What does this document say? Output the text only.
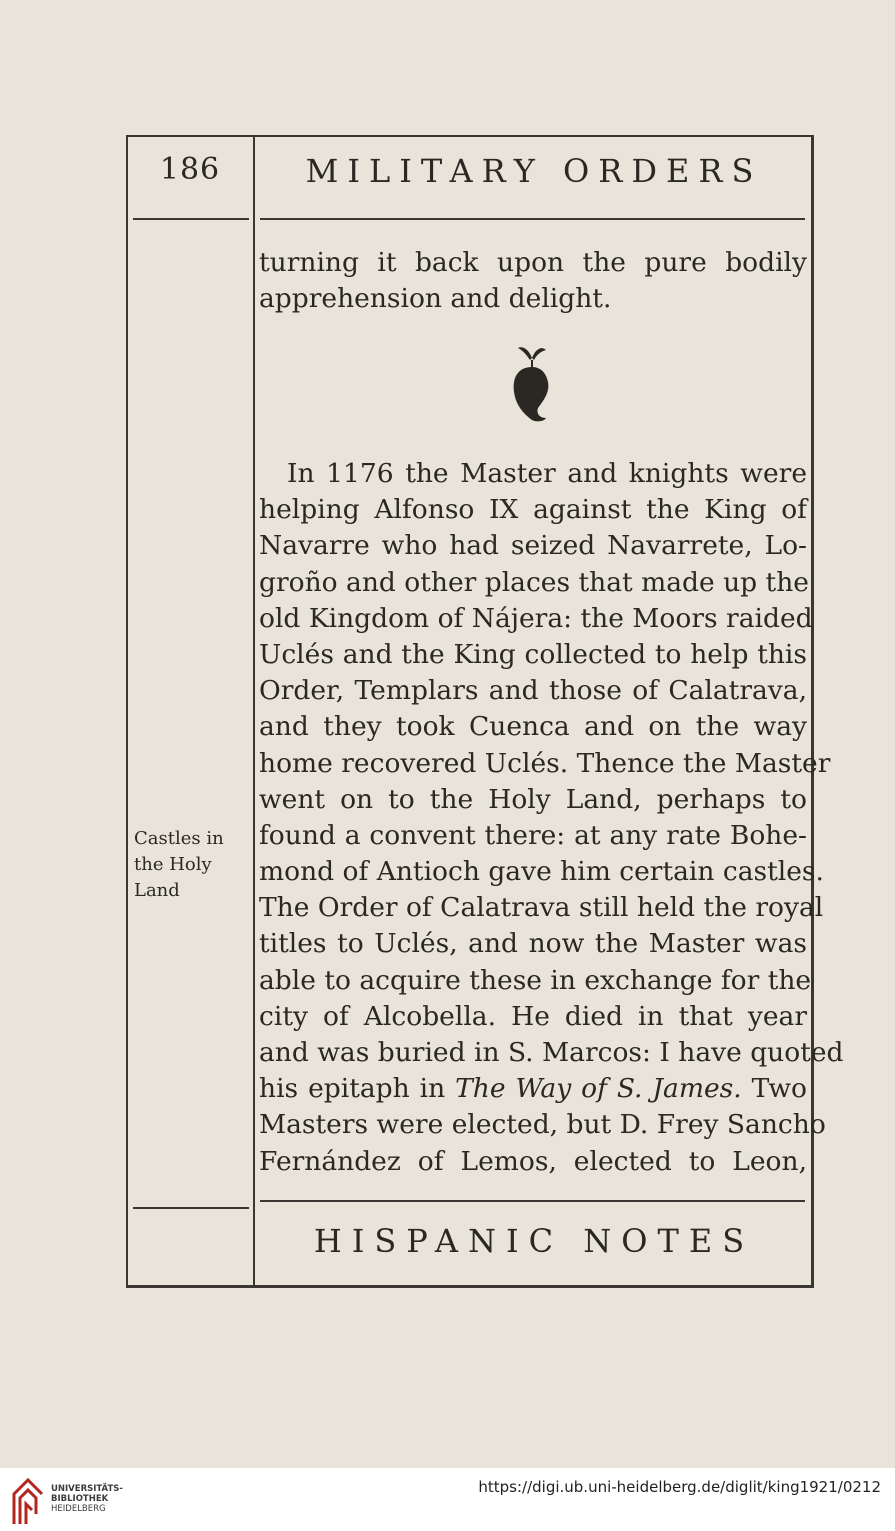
186	MILITARY ORDERS
turning it back upon the pure bodily
apprehension and delight.
In 1176 the Master and knights were
helping Alfonso IX against the King of
Navarre who had seized Navarrete, Lo-
groño and other places that made up the
old Kingdom of Nájera: the Moors raided
Uclés and the King collected to help this
Order, Templars and those of Calatrava,
and they took Cuenca and on the way
home recovered Uclés. Thence the Master
went on to the Holy Land, perhaps to
found a convent there: at any rate Bohe-
mond of Antioch gave him certain castles.
The Order of Calatrava still held the royal
titles to Uclés, and now the Master was
able to acquire these in exchange for the
city of Alcobella. He died in that year
and was buried in S. Marcos: I have quoted
his epitaph in The Way of S. James. Two
Masters were elected, but D. Frey Sancho
Fernández of Lemos, elected to Leon,
Castles in
the Holy
Land
HISPANIC NOTES
UNIVERSITÄTS-
BIBLIOTHEK
HEIDELBERG
https://digi.ub.uni-heidelberg.de/diglit/king1921/0212
